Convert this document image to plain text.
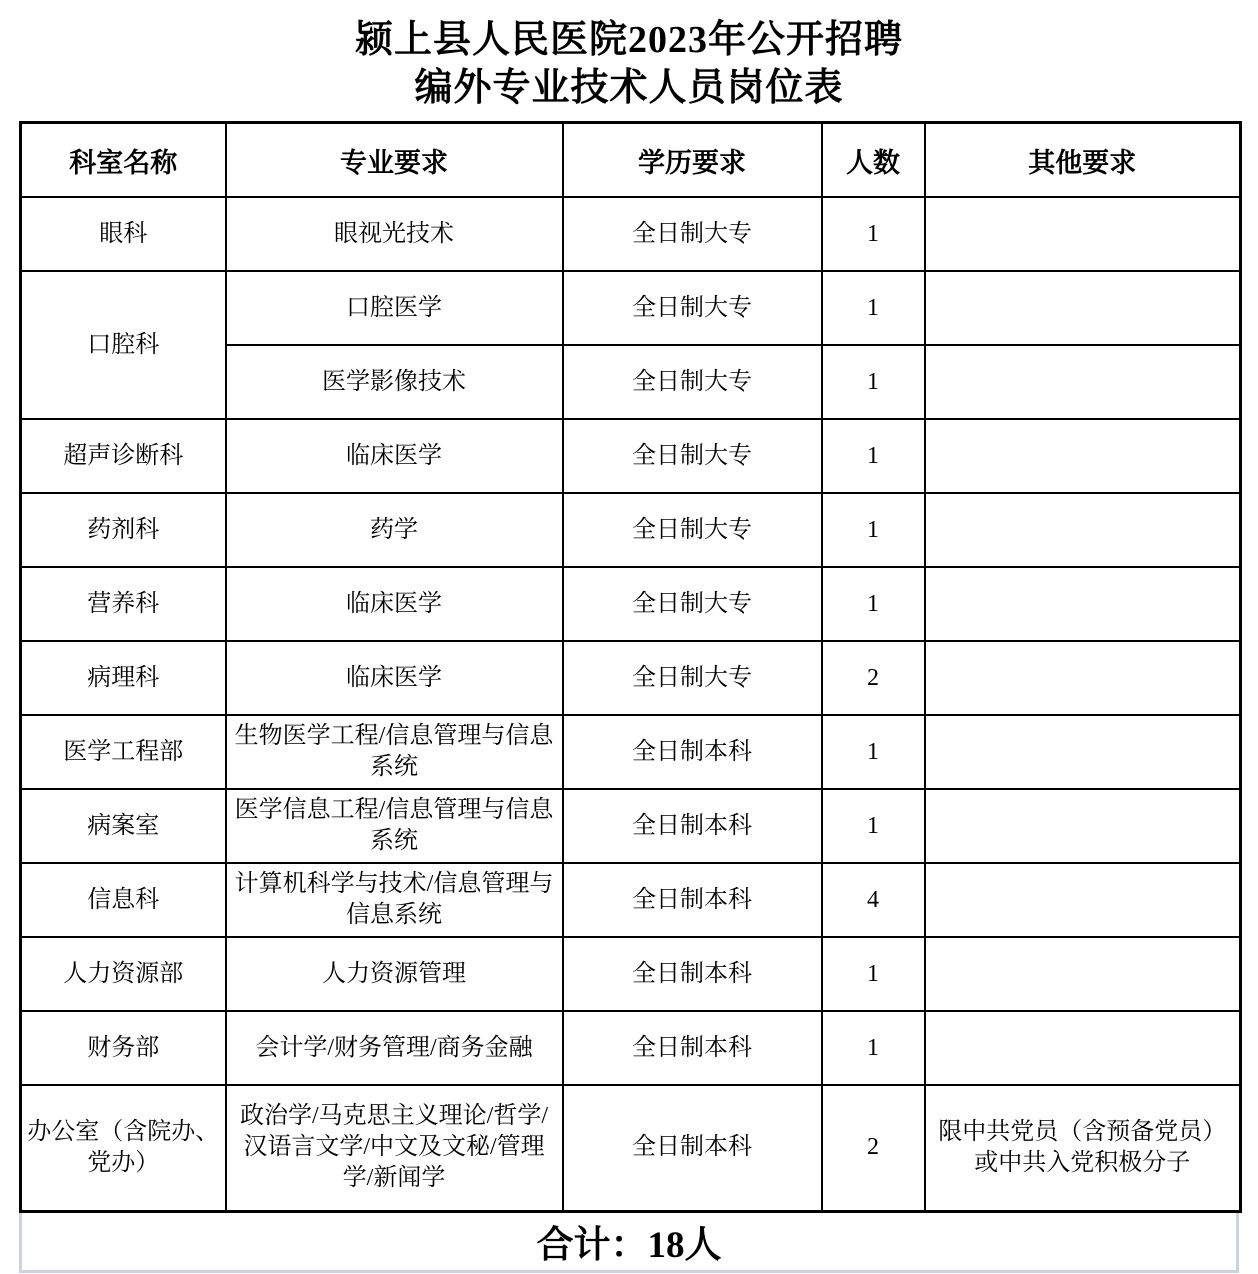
颍上县人民医院2023年公开招聘
编外专业技术人员岗位表
科室名称	专业要求	学历要求	人数	其他要求
眼科	眼视光技术	全日制大专	1	
口腔科	口腔医学	全日制大专	1	
	医学影像技术	全日制大专	1	
超声诊断科	临床医学	全日制大专	1	
药剂科	药学	全日制大专	1	
营养科	临床医学	全日制大专	1	
病理科	临床医学	全日制大专	2	
医学工程部	生物医学工程/信息管理与信息系统	全日制本科	1	
病案室	医学信息工程/信息管理与信息系统	全日制本科	1	
信息科	计算机科学与技术/信息管理与信息系统	全日制本科	4	
人力资源部	人力资源管理	全日制本科	1	
财务部	会计学/财务管理/商务金融	全日制本科	1	
办公室（含院办、党办）	政治学/马克思主义理论/哲学/汉语言文学/中文及文秘/管理学/新闻学	全日制本科	2	限中共党员（含预备党员）或中共入党积极分子
合计：18人
